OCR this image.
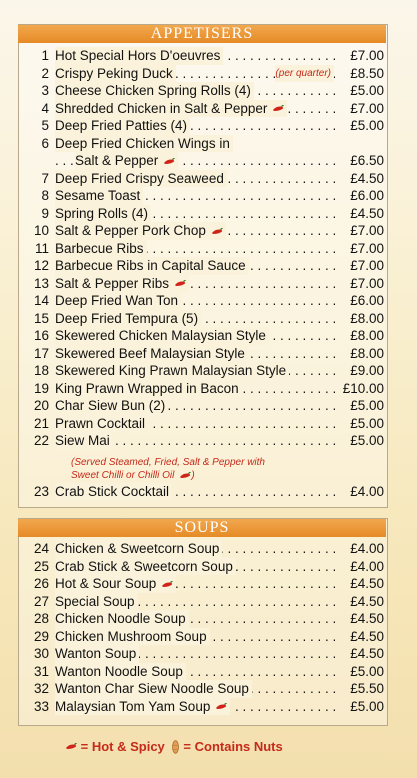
APPETISERS
1 . . . Hot Special Hors D'oeuvres	£7.00
2 . . . Crispy Peking Duck	(per quarter)	£8.50
3 . . . Cheese Chicken Spring Rolls (4)	£5.00
4 . . . Shredded Chicken in Salt & Pepper	£7.00
5 . . . Deep Fried Patties (4)	£5.00
6 Deep Fried Chicken Wings in
. . .
Salt & Pepper	£6.50
7 . . . Deep Fried Crispy Seaweed	£4.50
8 . . . Sesame Toast	£6.00
9 . . . Spring Rolls (4)	£4.50
10 . . . Salt & Pepper Pork Chop	£7.00
11 . . . Barbecue Ribs	£7.00
12 . . . Barbecue Ribs in Capital Sauce	£7.00
13 . . . Salt & Pepper Ribs	£7.00
14 . . . Deep Fried Wan Ton	£6.00
15 . . . Deep Fried Tempura (5)	£8.00
16 . . . Skewered Chicken Malaysian Style	£8.00
17 . . . Skewered Beef Malaysian Style	£8.00
18 . . . Skewered King Prawn Malaysian Style	£9.00
19 . . . King Prawn Wrapped in Bacon	£10.00
20 . . . Char Siew Bun (2)	£5.00
21 . . . Prawn Cocktail	£5.00
22 . . . Siew Mai	£5.00
23 . . . Crab Stick Cocktail	£4.00
(Served Steamed, Fried, Salt & Pepper with
Sweet Chilli or Chilli Oil )
SOUPS
24 . . . Chicken & Sweetcorn Soup	£4.00
25 . . . Crab Stick & Sweetcorn Soup	£4.00
26 . . . Hot & Sour Soup	£4.50
27 . . . Special Soup	£4.50
28 . . . Chicken Noodle Soup	£4.50
29 . . . Chicken Mushroom Soup	£4.50
30 . . . Wanton Soup	£4.50
31 . . . Wanton Noodle Soup	£5.00
32 . . . Wanton Char Siew Noodle Soup	£5.50
33 . . . Malaysian Tom Yam Soup	£5.00
= Hot & Spicy = Contains Nuts
